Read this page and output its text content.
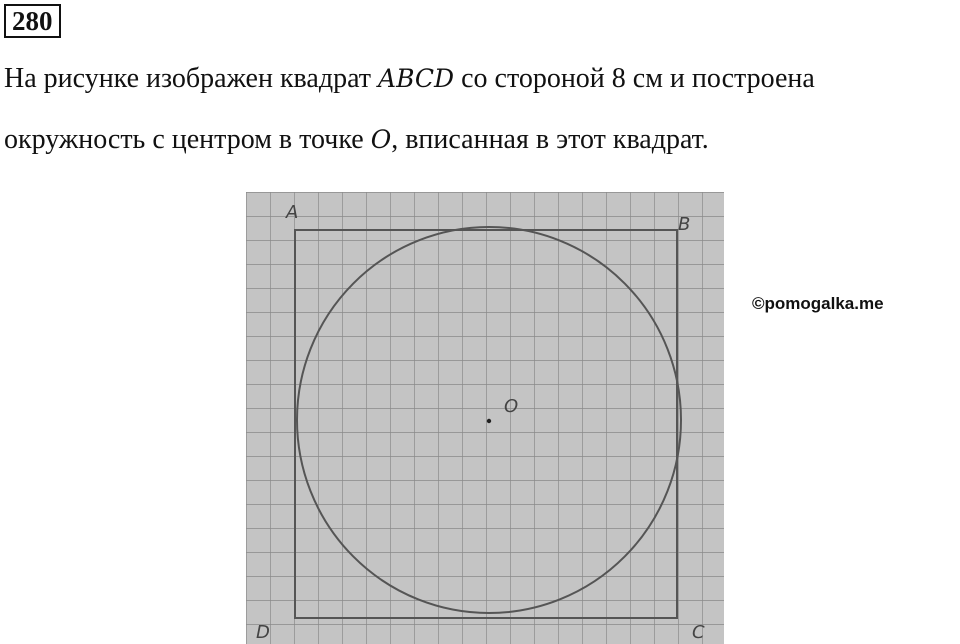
280
На рисунке изображен квадрат ABCD со стороной 8 см и построена
окружность с центром в точке O, вписанная в этот квадрат.
A
B
C
D
O
©pomogalka.me
